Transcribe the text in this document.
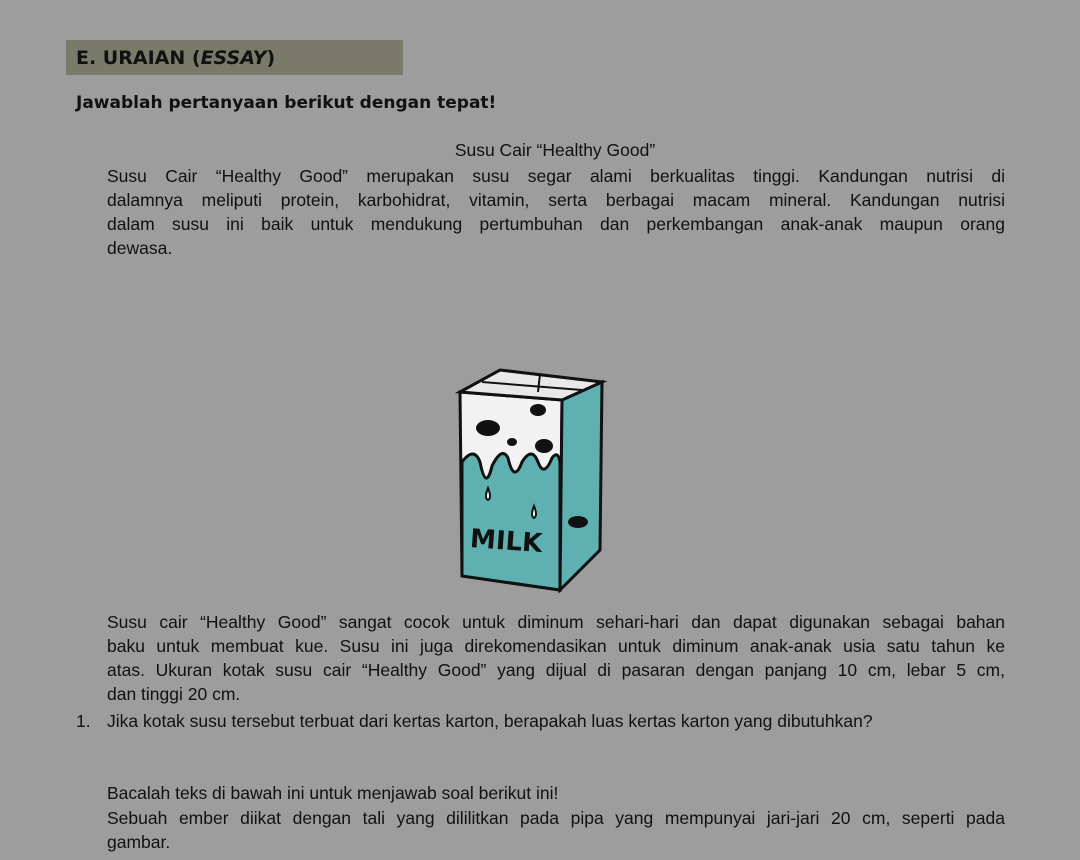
E. URAIAN (ESSAY)
Jawablah pertanyaan berikut dengan tepat!
Susu Cair “Healthy Good”

Susu Cair “Healthy Good” merupakan susu segar alami berkualitas tinggi. Kandungan nutrisi di

dalamnya meliputi protein, karbohidrat, vitamin, serta berbagai macam mineral. Kandungan nutrisi

dalam susu ini baik untuk mendukung pertumbuhan dan perkembangan anak-anak maupun orang

dewasa.

MILK

Susu cair “Healthy Good” sangat cocok untuk diminum sehari-hari dan dapat digunakan sebagai bahan

baku untuk membuat kue. Susu ini juga direkomendasikan untuk diminum anak-anak usia satu tahun ke

atas. Ukuran kotak susu cair “Healthy Good” yang dijual di pasaran dengan panjang 10 cm, lebar 5 cm,

dan tinggi 20 cm.

1. Jika kotak susu tersebut terbuat dari kertas karton, berapakah luas kertas karton yang dibutuhkan?

Bacalah teks di bawah ini untuk menjawab soal berikut ini!

Sebuah ember diikat dengan tali yang dililitkan pada pipa yang mempunyai jari-jari 20 cm, seperti pada

gambar.
